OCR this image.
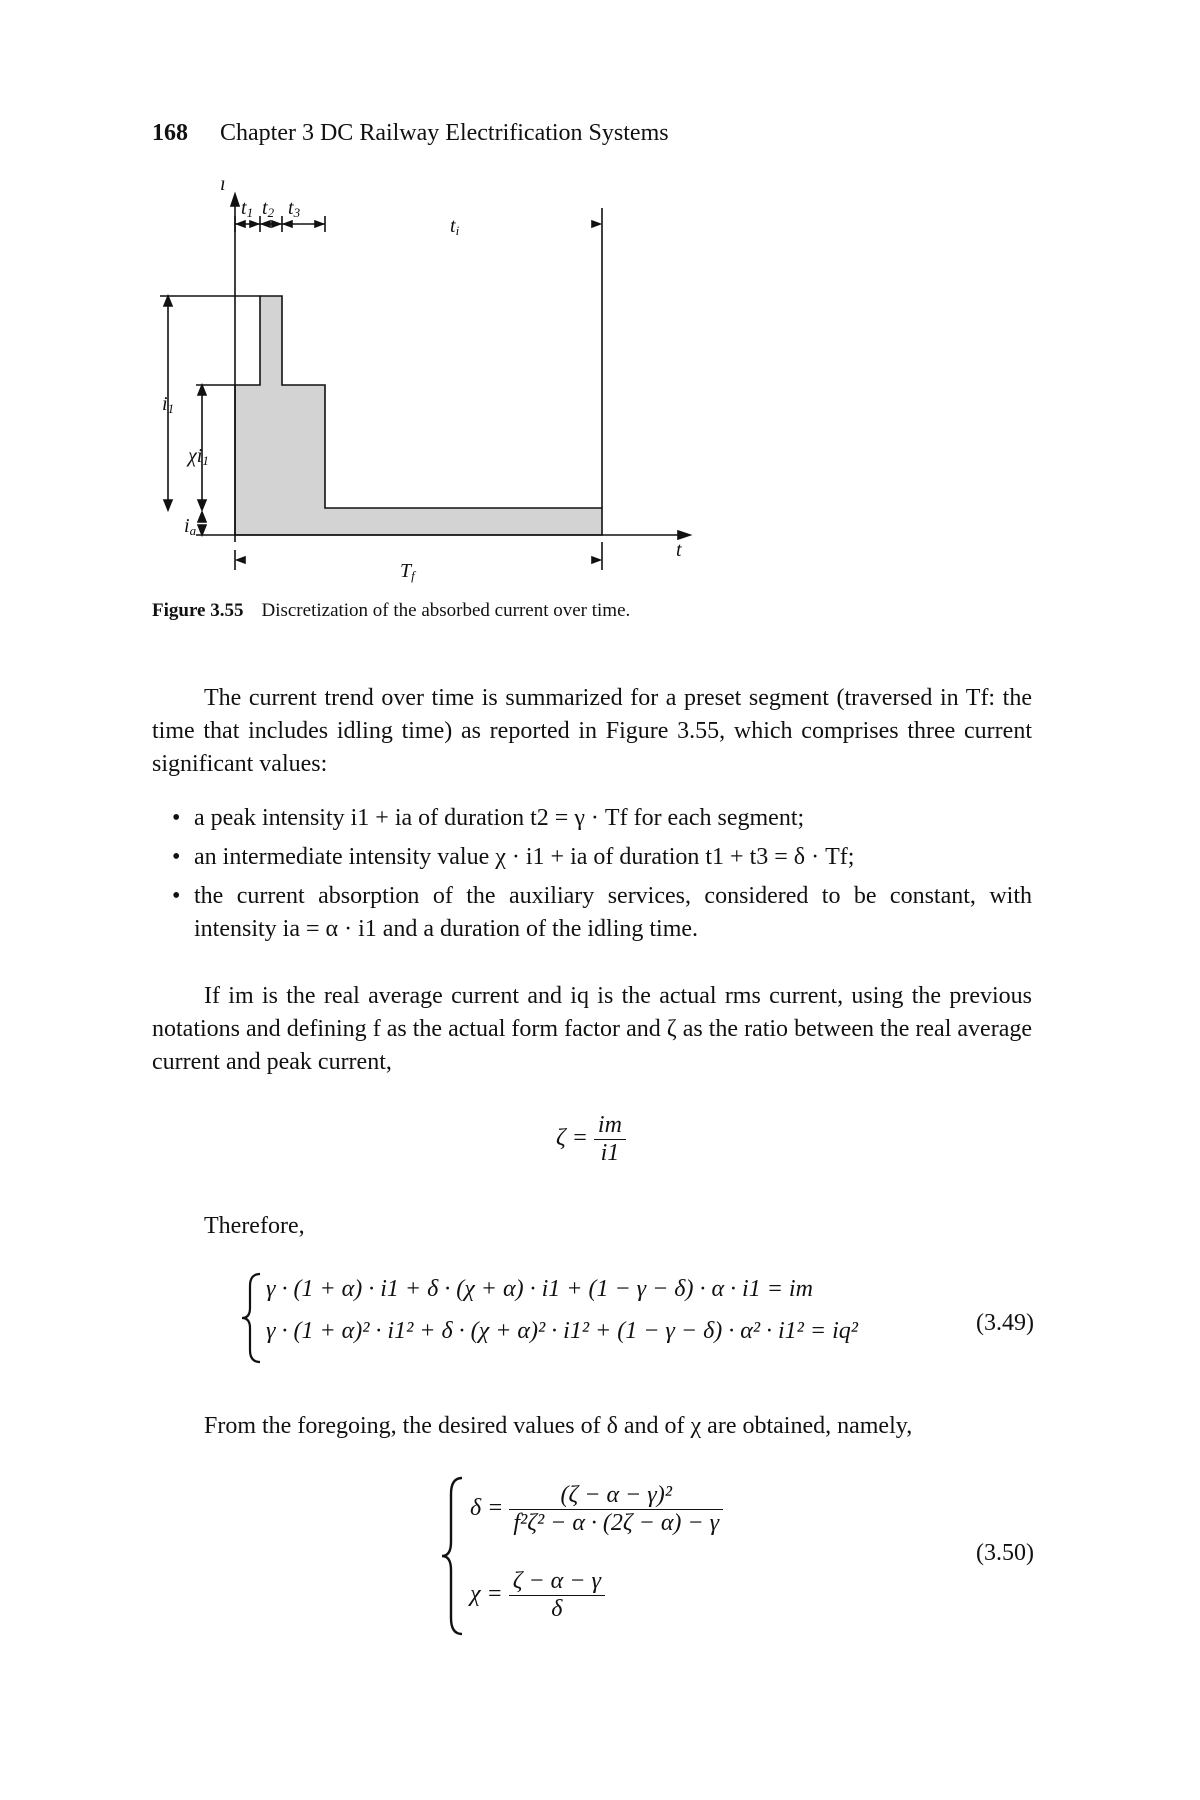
168 Chapter 3 DC Railway Electrification Systems
i
t
t1 t2 t3
ti
i1
χi1
ia
Tf
Figure 3.55 Discretization of the absorbed current over time.

The current trend over time is summarized for a preset segment (traversed in Tf: the time that includes idling time) as reported in Figure 3.55, which comprises three current significant values:

• a peak intensity i1 + ia of duration t2 = γ · Tf for each segment;
• an intermediate intensity value χ · i1 + ia of duration t1 + t3 = δ · Tf;
• the current absorption of the auxiliary services, considered to be constant, with intensity ia = α · i1 and a duration of the idling time.

If im is the real average current and iq is the actual rms current, using the previous notations and defining f as the actual form factor and ζ as the ratio between the real average current and peak current,

$\zeta = \frac{im}{i1}$

Therefore,

γ · (1 + α) · i1 + δ · (χ + α) · i1 + (1 − γ − δ) · α · i1 = im
γ · (1 + α)² · i1² + δ · (χ + α)² · i1² + (1 − γ − δ) · α² · i1² = iq²	(3.49)

From the foregoing, the desired values of δ and of χ are obtained, namely,

$\delta = \frac{\text{(ζ − α − γ)²}}{\text{f²ζ² − α · (2ζ − α) − γ}}$
$\chi = \frac{\zeta - \alpha - \gamma}{\delta}$
(3.50)
